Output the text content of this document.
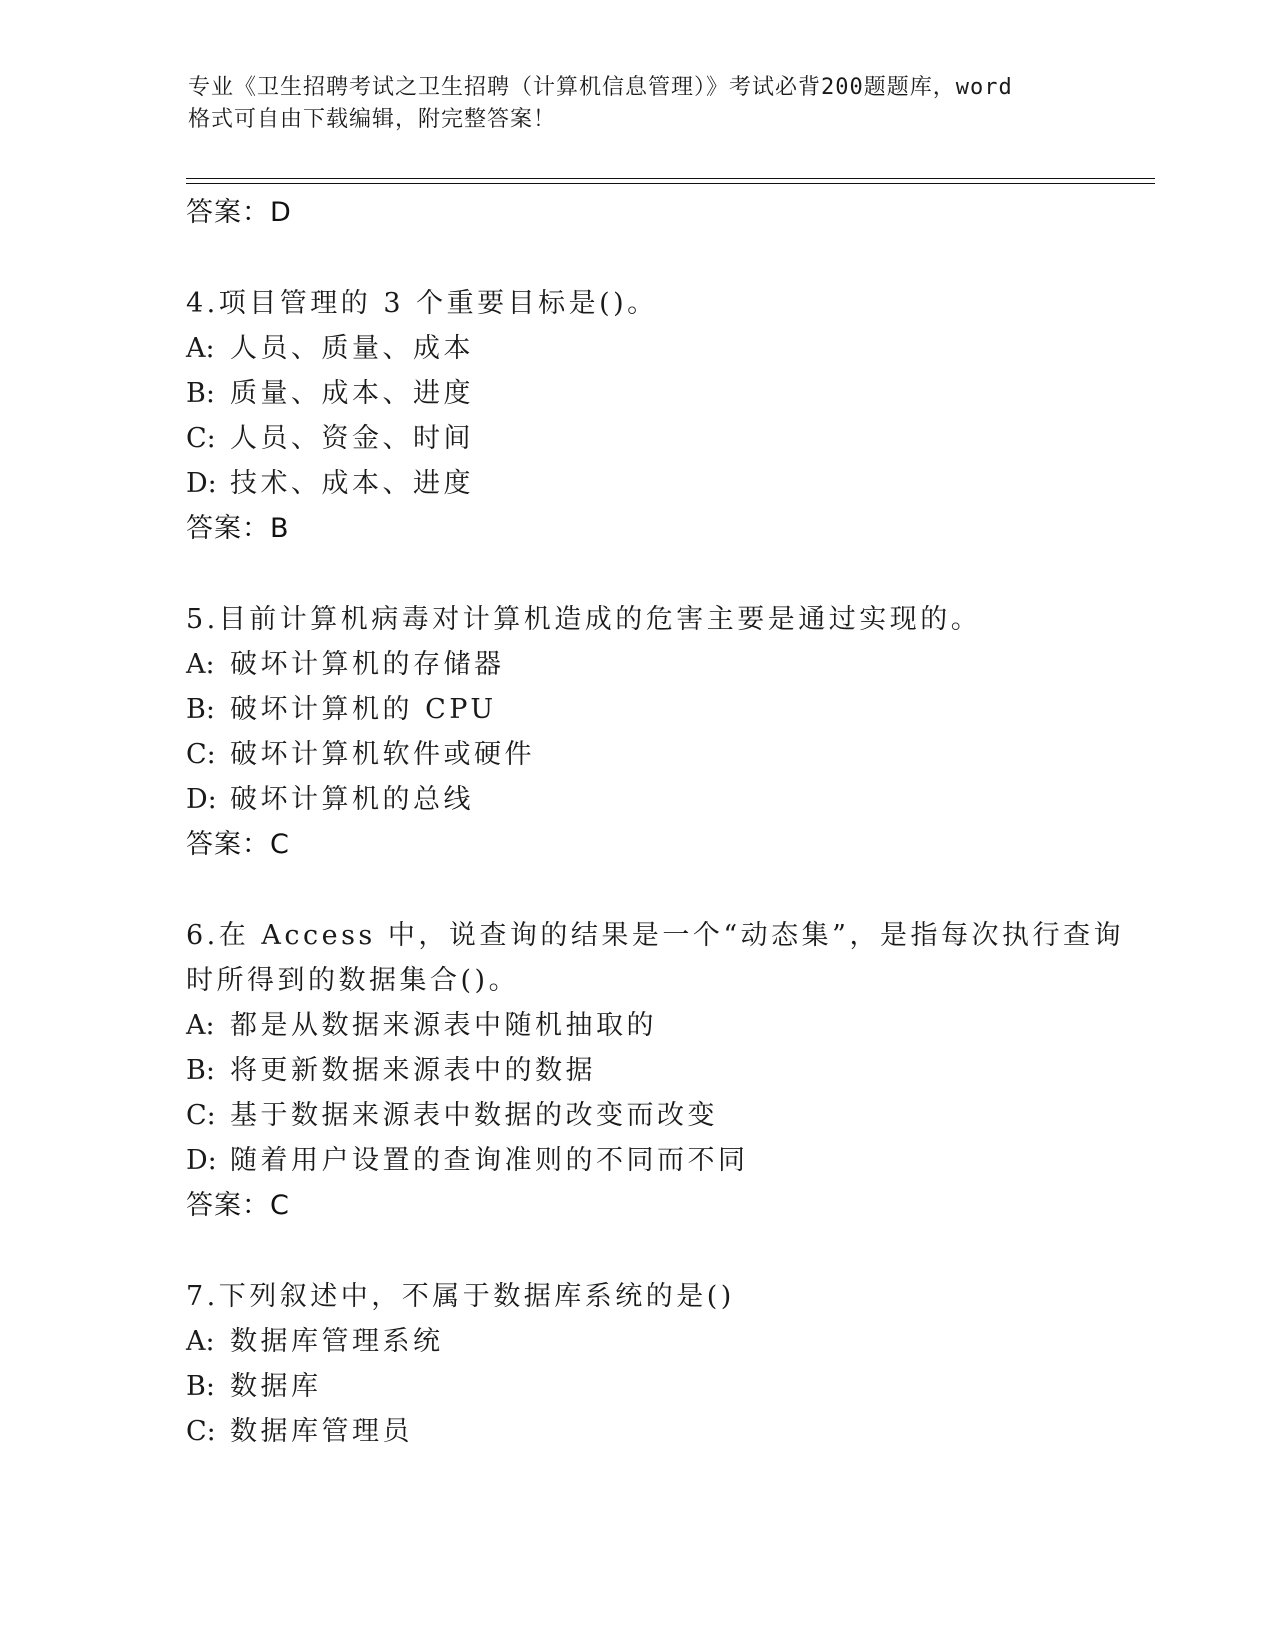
专业《卫生招聘考试之卫生招聘（计算机信息管理）》考试必背200题题库，word
格式可自由下载编辑，附完整答案！
答案：D
4.项目管理的 3 个重要目标是()。
A: 人员、质量、成本
B: 质量、成本、进度
C: 人员、资金、时间
D: 技术、成本、进度
答案：B
5.目前计算机病毒对计算机造成的危害主要是通过实现的。
A: 破坏计算机的存储器
B: 破坏计算机的 CPU
C: 破坏计算机软件或硬件
D: 破坏计算机的总线
答案：C
6.在 Access 中，说查询的结果是一个“动态集”，是指每次执行查询
时所得到的数据集合()。
A: 都是从数据来源表中随机抽取的
B: 将更新数据来源表中的数据
C: 基于数据来源表中数据的改变而改变
D: 随着用户设置的查询准则的不同而不同
答案：C
7.下列叙述中，不属于数据库系统的是()
A: 数据库管理系统
B: 数据库
C: 数据库管理员
